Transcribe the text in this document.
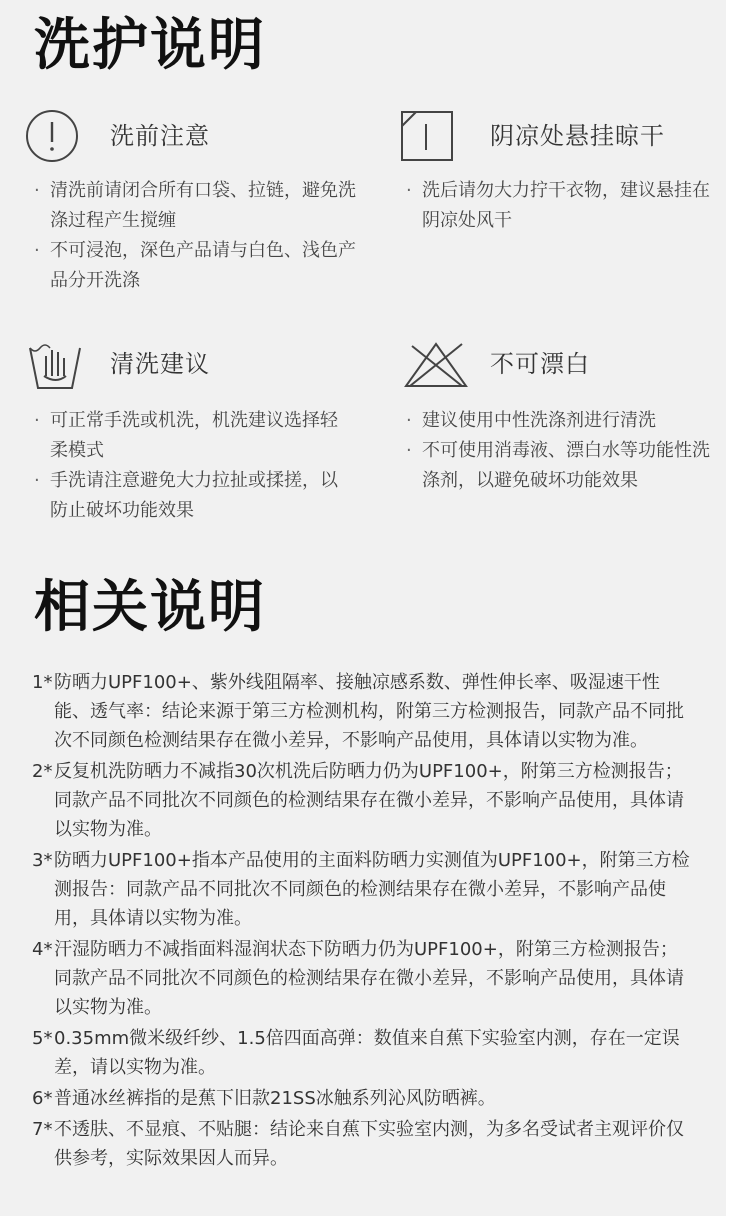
洗护说明
洗前注意
· 清洗前请闭合所有口袋、拉链，避免洗涤过程产生搅缠
· 不可浸泡，深色产品请与白色、浅色产品分开洗涤
阴凉处悬挂晾干
· 洗后请勿大力拧干衣物，建议悬挂在阴凉处风干
清洗建议
· 可正常手洗或机洗，机洗建议选择轻柔模式
· 手洗请注意避免大力拉扯或揉搓，以防止破坏功能效果
不可漂白
· 建议使用中性洗涤剂进行清洗
· 不可使用消毒液、漂白水等功能性洗涤剂，以避免破坏功能效果
相关说明
1* 防晒力UPF100+、紫外线阻隔率、接触凉感系数、弹性伸长率、吸湿速干性能、透气率：结论来源于第三方检测机构，附第三方检测报告，同款产品不同批次不同颜色检测结果存在微小差异，不影响产品使用，具体请以实物为准。
2* 反复机洗防晒力不减指30次机洗后防晒力仍为UPF100+，附第三方检测报告；同款产品不同批次不同颜色的检测结果存在微小差异，不影响产品使用，具体请以实物为准。
3* 防晒力UPF100+指本产品使用的主面料防晒力实测值为UPF100+，附第三方检测报告：同款产品不同批次不同颜色的检测结果存在微小差异，不影响产品使用，具体请以实物为准。
4* 汗湿防晒力不减指面料湿润状态下防晒力仍为UPF100+，附第三方检测报告；同款产品不同批次不同颜色的检测结果存在微小差异，不影响产品使用，具体请以实物为准。
5* 0.35mm微米级纤纱、1.5倍四面高弹：数值来自蕉下实验室内测，存在一定误差，请以实物为准。
6* 普通冰丝裤指的是蕉下旧款21SS冰触系列沁风防晒裤。
7* 不透肤、不显痕、不贴腿：结论来自蕉下实验室内测，为多名受试者主观评价仅供参考，实际效果因人而异。
